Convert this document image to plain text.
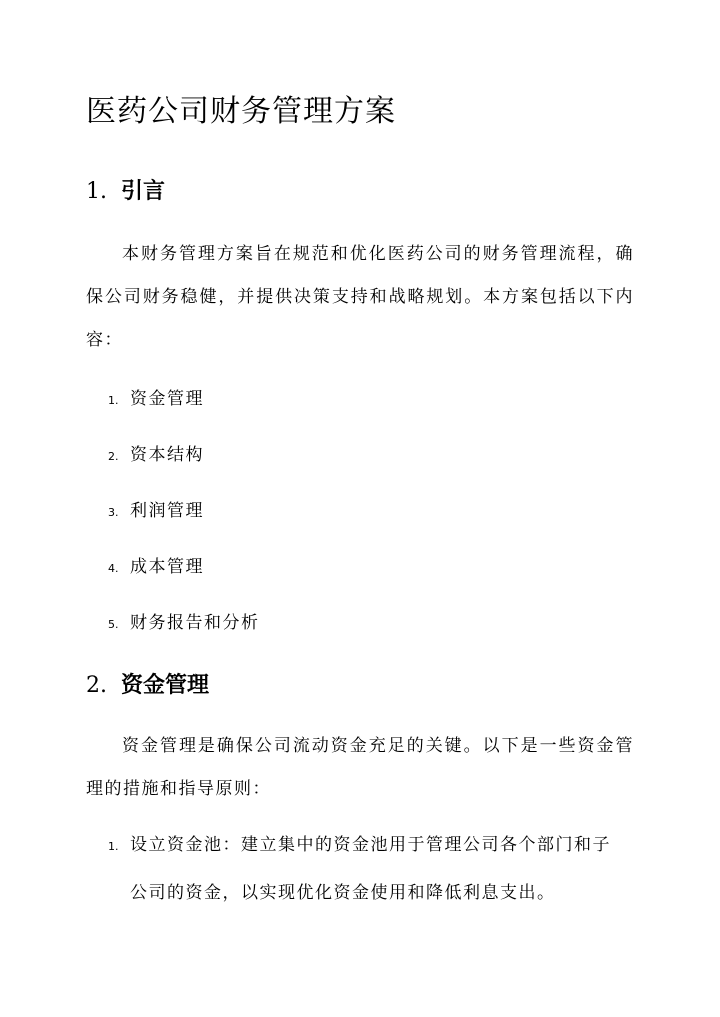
医药公司财务管理方案
1. 引言

本财务管理方案旨在规范和优化医药公司的财务管理流程，确保公司财务稳健，并提供决策支持和战略规划。本方案包括以下内容：

1. 资金管理
2. 资本结构
3. 利润管理
4. 成本管理
5. 财务报告和分析
2. 资金管理

资金管理是确保公司流动资金充足的关键。以下是一些资金管理的措施和指导原则：

1. 设立资金池：建立集中的资金池用于管理公司各个部门和子
公司的资金，以实现优化资金使用和降低利息支出。
